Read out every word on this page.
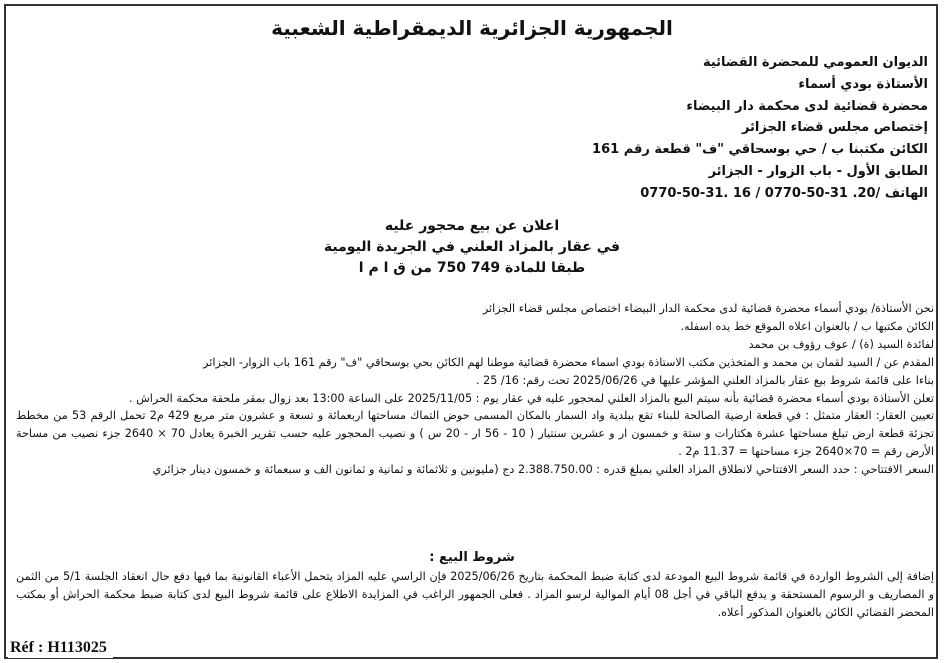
الجمهورية الجزائرية الديمقراطية الشعبية
الديوان العمومي للمحضرة القضائية
الأستاذة بودي أسماء
محضرة قضائية لدى محكمة دار البيضاء
إختصاص مجلس قضاء الجزائر
الكائن مكتبنا ب / حي بوسحاقي "ف" قطعة رقم 161
الطابق الأول - باب الزوار - الجزائر
الهاتف /20. 31-50-0770 / 16 .31-50-0770
اعلان عن بيع محجور عليه
في عقار بالمزاد العلني في الجريدة اليومية
طبقا للمادة 749 750 من ق ا م ا

نحن الأستاذة/ بودي أسماء محضرة قضائية لدى محكمة الدار البيضاء اختصاص مجلس قضاء الجزائر

الكائن مكتبها ب / بالعنوان اعلاه الموقع خط يده اسفله.

لفائدة السيد (ة) / عوف رؤوف بن محمد

المقدم عن / السيد لقمان بن محمد و المتخذين مكتب الاستاذة بودي اسماء محضرة قضائية موطنا لهم الكائن بحي بوسحاقي "ف" رقم 161 باب الزوار- الجزائر

بناءا على قائمة شروط بيع عقار بالمزاد العلني المؤشر عليها في 2025/06/26 تحت رقم: 16/ 25 .

تعلن الأستاذة بودي أسماء محضرة قضائية بأنه سيتم البيع بالمزاد العلني لمحجور عليه في عقار يوم : 2025/11/05 على الساعة 13:00 بعد زوال بمقر ملحقة محكمة الحراش .

تعيين العقار: العقار متمثل : في قطعة ارضية الصالحة للبناء تقع ببلدية واد السمار بالمكان المسمى حوض التماك مساحتها اربعمائة و تسعة و عشرون متر مربع 429 م2 تحمل الرقم 53 من مخطط تجزئة قطعة ارض تبلغ مساحتها عشرة هكتارات و ستة و خمسون ار و عشرين سنتيار ( 10 - 56 ار - 20 س ) و نصيب المحجور عليه حسب تقرير الخبرة يعادل 70 × 2640 جزء نصيب من مساحة الأرض رقم = 70×2640 جزء مساحتها = 11.37 م2 .

السعر الافتتاحي : حدد السعر الافتتاحي لانطلاق المزاد العلني بمبلغ قدره : 2.388.750.00 دج (مليونين و ثلاثمائة و ثمانية و ثمانون الف و سبعمائة و خمسون دينار جزائري

شروط البيع :

إضافة إلى الشروط الواردة في قائمة شروط البيع المودعة لدى كتابة ضبط المحكمة بتاريخ 2025/06/26 فإن الراسي عليه المزاد يتحمل الأعباء القانونية بما فيها دفع حال انعقاد الجلسة 5/1 من الثمن و المصاريف و الرسوم المستحقة و يدفع الباقي في أجل 08 أيام الموالية لرسو المزاد . فعلى الجمهور الراغب في المزايدة الاطلاع على قائمة شروط البيع لدى كتابة ضبط محكمة الحراش أو بمكتب المحضر القضائي الكائن بالعنوان المذكور أعلاه.

Réf : H113025
